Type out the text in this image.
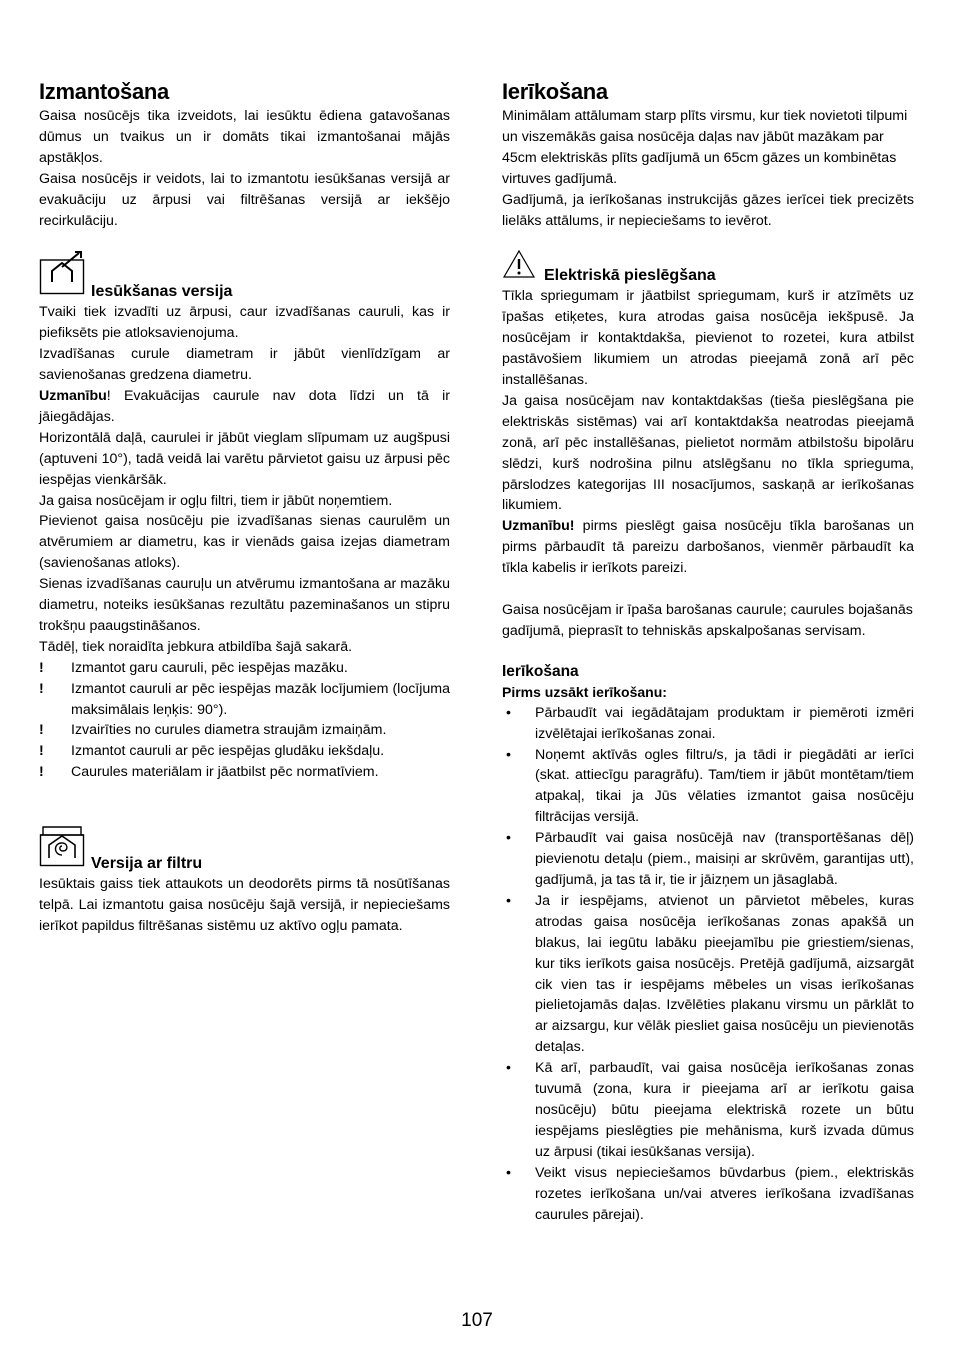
Izmantošana

Gaisa nosūcējs tika izveidots, lai iesūktu ēdiena gatavošanas dūmus un tvaikus un ir domāts tikai izmantošanai mājās apstākļos.

Gaisa nosūcējs ir veidots, lai to izmantotu iesūkšanas versijā ar evakuāciju uz ārpusi vai filtrēšanas versijā ar iekšējo recirkulāciju.

Iesūkšanas versija

Tvaiki tiek izvadīti uz ārpusi, caur izvadīšanas cauruli, kas ir piefiksēts pie atloksavienojuma.

Izvadīšanas curule diametram ir jābūt vienlīdzīgam ar savienošanas gredzena diametru.

Uzmanību! Evakuācijas caurule nav dota līdzi un tā ir jāiegādājas.

Horizontālā daļā, caurulei ir jābūt vieglam slīpumam uz augšpusi (aptuveni 10°), tadā veidā lai varētu pārvietot gaisu uz ārpusi pēc iespējas vienkāršāk.

Ja gaisa nosūcējam ir ogļu filtri, tiem ir jābūt noņemtiem.

Pievienot gaisa nosūcēju pie izvadīšanas sienas caurulēm un atvērumiem ar diametru, kas ir vienāds gaisa izejas diametram (savienošanas atloks).

Sienas izvadīšanas cauruļu un atvērumu izmantošana ar mazāku diametru, noteiks iesūkšanas rezultātu pazeminašanos un stipru trokšņu paaugstināšanos.

Tādēļ, tiek noraidīta jebkura atbildība šajā sakarā.

! Izmantot garu cauruli, pēc iespējas mazāku.
! Izmantot cauruli ar pēc iespējas mazāk locījumiem (locījuma maksimālais leņķis: 90°).
! Izvairīties no curules diametra straujām izmaiņām.
! Izmantot cauruli ar pēc iespējas gludāku iekšdaļu.
! Caurules materiālam ir jāatbilst pēc normatīviem.
Versija ar filtru

Iesūktais gaiss tiek attaukots un deodorēts pirms tā nosūtīšanas telpā. Lai izmantotu gaisa nosūcēju šajā versijā, ir nepieciešams ierīkot papildus filtrēšanas sistēmu uz aktīvo ogļu pamata.

Ierīkošana

Minimālam attālumam starp plīts virsmu, kur tiek novietoti tilpumi un viszemākās gaisa nosūcēja daļas nav jābūt mazākam par 45cm elektriskās plīts gadījumā un 65cm gāzes un kombinētas virtuves gadījumā.

Gadījumā, ja ierīkošanas instrukcijās gāzes ierīcei tiek precizēts lielāks attālums, ir nepieciešams to ievērot.

Elektriskā pieslēgšana

Tīkla spriegumam ir jāatbilst spriegumam, kurš ir atzīmēts uz īpašas etiķetes, kura atrodas gaisa nosūcēja iekšpusē. Ja nosūcējam ir kontaktdakša, pievienot to rozetei, kura atbilst pastāvošiem likumiem un atrodas pieejamā zonā arī pēc installēšanas.

Ja gaisa nosūcējam nav kontaktdakšas (tieša pieslēgšana pie elektriskās sistēmas) vai arī kontaktdakša neatrodas pieejamā zonā, arī pēc installēšanas, pielietot normām atbilstošu bipolāru slēdzi, kurš nodrošina pilnu atslēgšanu no tīkla sprieguma, pārslodzes kategorijas III nosacījumos, saskaņā ar ierīkošanas likumiem.

Uzmanību! pirms pieslēgt gaisa nosūcēju tīkla barošanas un pirms pārbaudīt tā pareizu darbošanos, vienmēr pārbaudīt ka tīkla kabelis ir ierīkots pareizi.

Gaisa nosūcējam ir īpaša barošanas caurule; caurules bojašanās gadījumā, pieprasīt to tehniskās apskalpošanas servisam.

Ierīkošana
Pirms uzsākt ierīkošanu:
• Pārbaudīt vai iegādātajam produktam ir piemēroti izmēri izvēlētajai ierīkošanas zonai.
• Noņemt aktīvās ogles filtru/s, ja tādi ir piegādāti ar ierīci (skat. attiecīgu paragrāfu). Tam/tiem ir jābūt montētam/tiem atpakaļ, tikai ja Jūs vēlaties izmantot gaisa nosūcēju filtrācijas versijā.
• Pārbaudīt vai gaisa nosūcējā nav (transportēšanas dēļ) pievienotu detaļu (piem., maisiņi ar skrūvēm, garantijas utt), gadījumā, ja tas tā ir, tie ir jāizņem un jāsaglabā.
• Ja ir iespējams, atvienot un pārvietot mēbeles, kuras atrodas gaisa nosūcēja ierīkošanas zonas apakšā un blakus, lai iegūtu labāku pieejamību pie griestiem/sienas, kur tiks ierīkots gaisa nosūcējs. Pretējā gadījumā, aizsargāt cik vien tas ir iespējams mēbeles un visas ierīkošanas pielietojamās daļas. Izvēlēties plakanu virsmu un pārklāt to ar aizsargu, kur vēlāk piesliet gaisa nosūcēju un pievienotās detaļas.
• Kā arī, parbaudīt, vai gaisa nosūcēja ierīkošanas zonas tuvumā (zona, kura ir pieejama arī ar ierīkotu gaisa nosūcēju) būtu pieejama elektriskā rozete un būtu iespējams pieslēgties pie mehānisma, kurš izvada dūmus uz ārpusi (tikai iesūkšanas versija).
• Veikt visus nepieciešamos būvdarbus (piem., elektriskās rozetes ierīkošana un/vai atveres ierīkošana izvadīšanas caurules pārejai).
107
